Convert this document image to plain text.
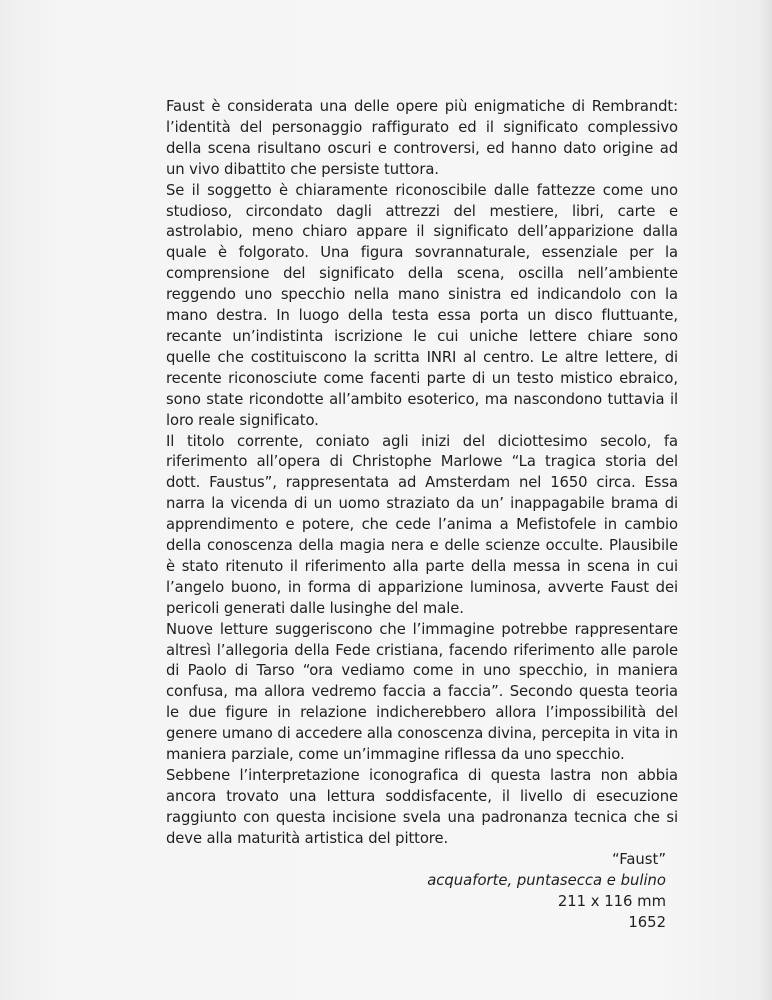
Faust è considerata una delle opere più enigmatiche di Rembrandt: l’identità del personaggio raffigurato ed il significato complessivo della scena risultano oscuri e controversi, ed hanno dato origine ad un vivo dibattito che persiste tuttora.

Se il soggetto è chiaramente riconoscibile dalle fattezze come uno studioso, circondato dagli attrezzi del mestiere, libri, carte e astrolabio, meno chiaro appare il significato dell’apparizione dalla quale è folgorato. Una figura sovrannaturale, essenziale per la comprensione del significato della scena, oscilla nell’ambiente reggendo uno specchio nella mano sinistra ed indicandolo con la mano destra. In luogo della testa essa porta un disco fluttuante, recante un’indistinta iscrizione le cui uniche lettere chiare sono quelle che costituiscono la scritta INRI al centro. Le altre lettere, di recente riconosciute come facenti parte di un testo mistico ebraico, sono state ricondotte all’ambito esoterico, ma nascondono tuttavia il loro reale significato.

Il titolo corrente, coniato agli inizi del diciottesimo secolo, fa riferimento all’opera di Christophe Marlowe “La tragica storia del dott. Faustus”, rappresentata ad Amsterdam nel 1650 circa. Essa narra la vicenda di un uomo straziato da un’ inappagabile brama di apprendimento e potere, che cede l’anima a Mefistofele in cambio della conoscenza della magia nera e delle scienze occulte. Plausibile è stato ritenuto il riferimento alla parte della messa in scena in cui l’angelo buono, in forma di apparizione luminosa, avverte Faust dei pericoli generati dalle lusinghe del male.

Nuove letture suggeriscono che l’immagine potrebbe rappresentare altresì l’allegoria della Fede cristiana, facendo riferimento alle parole di Paolo di Tarso “ora vediamo come in uno specchio, in maniera confusa, ma allora vedremo faccia a faccia”. Secondo questa teoria le due figure in relazione indicherebbero allora l’impossibilità del genere umano di accedere alla conoscenza divina, percepita in vita in maniera parziale, come un’immagine riflessa da uno specchio.

Sebbene l’interpretazione iconografica di questa lastra non abbia ancora trovato una lettura soddisfacente, il livello di esecuzione raggiunto con questa incisione svela una padronanza tecnica che si deve alla maturità artistica del pittore.

“Faust”
acquaforte, puntasecca e bulino
211 x 116 mm
1652
